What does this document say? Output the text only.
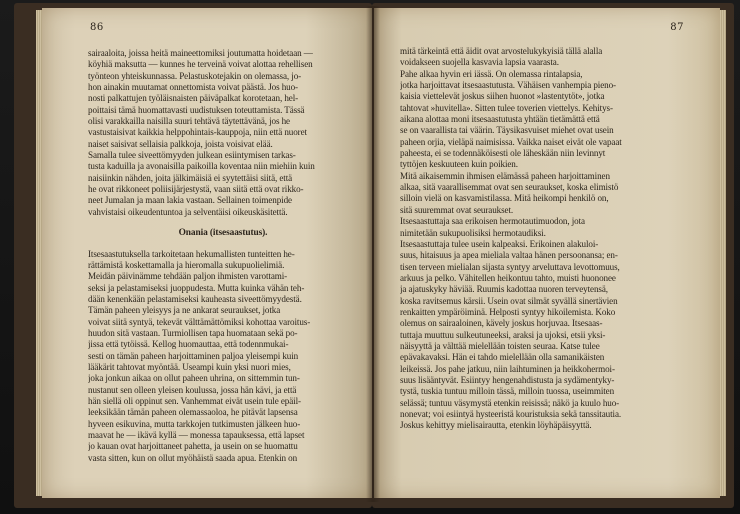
86
sairaaloita, joissa heitä maineettomiksi joutumatta hoidetaan —
köyhiä maksutta — kunnes he terveinä voivat alottaa rehellisen
työnteon yhteiskunnassa. Pelastuskotejakin on olemassa, jo-
hon ainakin muutamat onnettomista voivat päästä. Jos huo-
nosti palkattujen työläisnaisten päiväpalkat korotetaan, hel-
poittaisi tämä huomattavasti uudistuksen toteuttamista. Tässä
olisi varakkailla naisilla suuri tehtävä täytettävänä, jos he
vastustaisivat kaikkia helppohintais-kauppoja, niin että nuoret
naiset saisivat sellaisia palkkoja, joista voisivat elää.
Samalla tulee siveettömyyden julkean esiintymisen tarkas-
tusta kaduilla ja avonaisilla paikoilla koventaa niin miehiin kuin
naisiinkin nähden, joita jälkimäisiä ei syytettäisi siitä, että
he ovat rikkoneet poliisijärjestystä, vaan siitä että ovat rikko-
neet Jumalan ja maan lakia vastaan. Sellainen toimenpide
vahvistaisi oikeudentuntoa ja selventäisi oikeuskäsitettä.
Onania (itsesaastutus).
Itsesaastutuksella tarkoitetaan hekumallisten tunteitten he-
rättämistä koskettamalla ja hieromalla sukupuolielimiä.
Meidän päivinämme tehdään paljon ihmisten varottami-
seksi ja pelastamiseksi juoppudesta. Mutta kuinka vähän teh-
dään kenenkään pelastamiseksi kauheasta siveettömyydestä.
Tämän paheen yleisyys ja ne ankarat seuraukset, jotka
voivat siitä syntyä, tekevät välttämättömiksi kohottaa varoitus-
huudon sitä vastaan. Turmiollisen tapa huomataan sekä po-
jissa että tytöissä. Kellog huomauttaa, että todennmukai-
sesti on tämän paheen harjoittaminen paljoa yleisempi kuin
lääkärit tahtovat myöntää. Useampi kuin yksi nuori mies,
joka jonkun aikaa on ollut paheen uhrina, on sittemmin tun-
nustanut sen olleen yleisen koulussa, jossa hän kävi, ja että
hän siellä oli oppinut sen. Vanhemmat eivät usein tule epäil-
leeksikään tämän paheen olemassaoloa, he pitävät lapsensa
hyveen esikuvina, mutta tarkkojen tutkimusten jälkeen huo-
maavat he — ikävä kyllä — monessa tapauksessa, että lapset
jo kauan ovat harjoittaneet pahetta, ja usein on se huomattu
vasta sitten, kun on ollut myöhäistä saada apua. Etenkin on
87
mitä tärkeintä että äidit ovat arvostelukykyisiä tällä alalla
voidakseen suojella kasvavia lapsia vaarasta.
Pahe alkaa hyvin eri iässä. On olemassa rintalapsia,
jotka harjoittavat itsesaastutusta. Vähäisen vanhempia pieno-
kaisia viettelevät joskus siihen huonot »lastentytöt», jotka
tahtovat »huvitella». Sitten tulee toverien viettelys. Kehitys-
aikana alottaa moni itsesaastutusta yhtään tietämättä että
se on vaarallista tai väärin. Täysikasvuiset miehet ovat usein
paheen orjia, vieläpä naimisissa. Vaikka naiset eivät ole vapaat
paheesta, ei se todennäköisesti ole läheskään niin levinnyt
tyttöjen keskuuteen kuin poikien.
Mitä aikaisemmin ihmisen elämässä paheen harjoittaminen
alkaa, sitä vaarallisemmat ovat sen seuraukset, koska elimistö
silloin vielä on kasvamistilassa. Mitä heikompi henkilö on,
sitä suuremmat ovat seuraukset.
Itsesaastuttaja saa erikoisen hermotautimuodon, jota
nimitetään sukupuolisiksi hermotaudiksi.
Itsesaastuttaja tulee usein kalpeaksi. Erikoinen alakuloi-
suus, hitaisuus ja apea mieliala valtaa hänen persoonansa; en-
tisen terveen mielialan sijasta syntyy arveluttava levottomuus,
arkuus ja pelko. Vähitellen heikontuu tahto, muisti huononee
ja ajatuskyky häviää. Ruumis kadottaa nuoren terveytensä,
koska ravitsemus kärsii. Usein ovat silmät syvällä sinertävien
renkaitten ympäröiminä. Helposti syntyy hikoilemista. Koko
olemus on sairaaloinen, kävely joskus horjuvaa. Itsesaas-
tuttaja muuttuu sulkeutuneeksi, araksi ja ujoksi, etsii yksi-
näisyyttä ja välttää mielellään toisten seuraa. Katse tulee
epävakavaksi. Hän ei tahdo mielellään olla samanikäisten
leikeissä. Jos pahe jatkuu, niin laihtuminen ja heikkohermoi-
suus lisääntyvät. Esiintyy hengenahdistusta ja sydämentyky-
tystä, tuskia tuntuu milloin tässä, milloin tuossa, useimmiten
selässä; tuntuu väsymystä etenkin reisissä; näkö ja kuulo huo-
nonevat; voi esiintyä hysteeristä kouristuksia sekä tanssitautia.
Joskus kehittyy mielisairautta, etenkin löyhäpäisyyttä.
